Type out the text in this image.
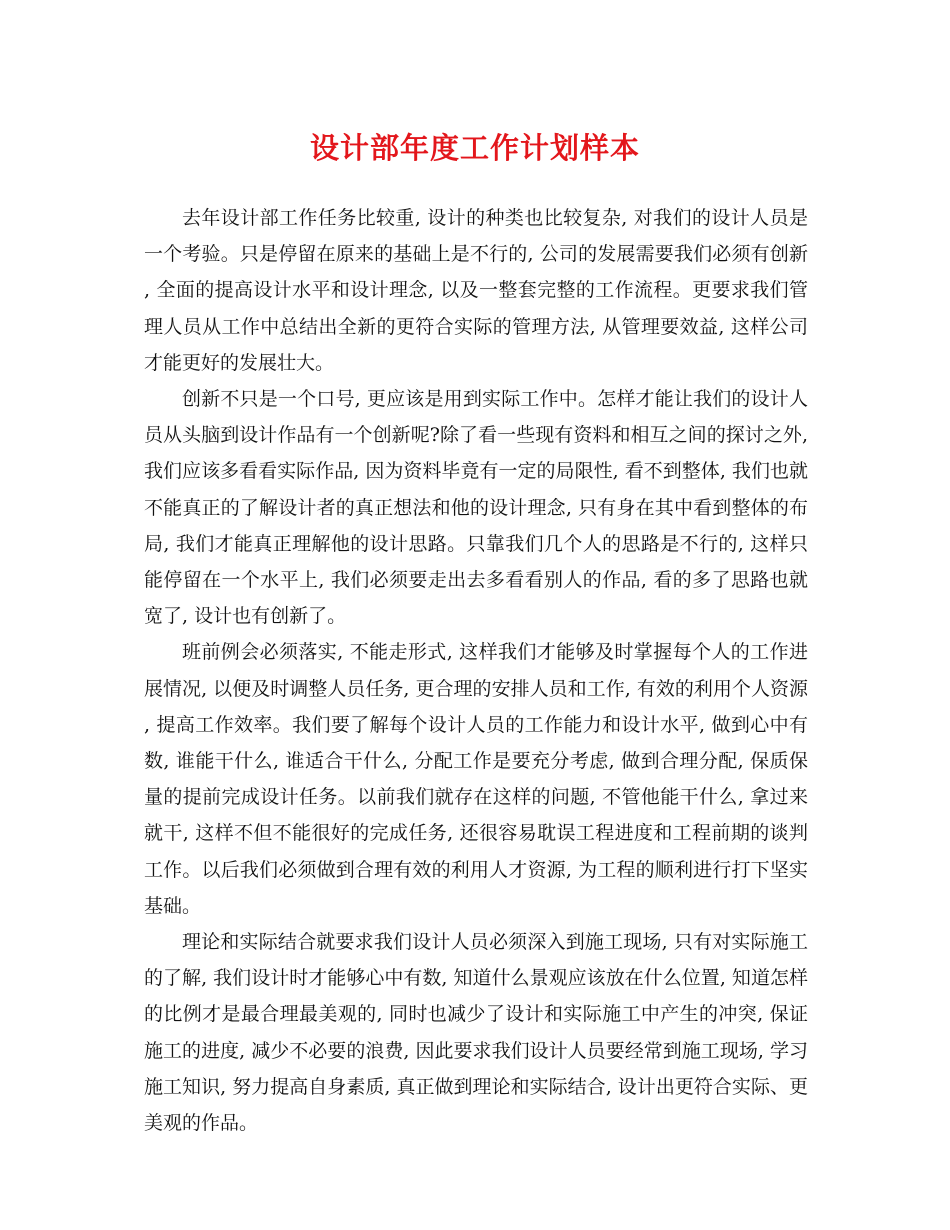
设计部年度工作计划样本

去年设计部工作任务比较重, 设计的种类也比较复杂, 对我们的设计人员是一个考验。只是停留在原来的基础上是不行的, 公司的发展需要我们必须有创新, 全面的提高设计水平和设计理念, 以及一整套完整的工作流程。更要求我们管理人员从工作中总结出全新的更符合实际的管理方法, 从管理要效益, 这样公司才能更好的发展壮大。

创新不只是一个口号, 更应该是用到实际工作中。怎样才能让我们的设计人员从头脑到设计作品有一个创新呢?除了看一些现有资料和相互之间的探讨之外, 我们应该多看看实际作品, 因为资料毕竟有一定的局限性, 看不到整体, 我们也就不能真正的了解设计者的真正想法和他的设计理念, 只有身在其中看到整体的布局, 我们才能真正理解他的设计思路。只靠我们几个人的思路是不行的, 这样只能停留在一个水平上, 我们必须要走出去多看看别人的作品, 看的多了思路也就宽了, 设计也有创新了。

班前例会必须落实, 不能走形式, 这样我们才能够及时掌握每个人的工作进展情况, 以便及时调整人员任务, 更合理的安排人员和工作, 有效的利用个人资源, 提高工作效率。我们要了解每个设计人员的工作能力和设计水平, 做到心中有数, 谁能干什么, 谁适合干什么, 分配工作是要充分考虑, 做到合理分配, 保质保量的提前完成设计任务。以前我们就存在这样的问题, 不管他能干什么, 拿过来就干, 这样不但不能很好的完成任务, 还很容易耽误工程进度和工程前期的谈判工作。以后我们必须做到合理有效的利用人才资源, 为工程的顺利进行打下坚实基础。

理论和实际结合就要求我们设计人员必须深入到施工现场, 只有对实际施工的了解, 我们设计时才能够心中有数, 知道什么景观应该放在什么位置, 知道怎样的比例才是最合理最美观的, 同时也减少了设计和实际施工中产生的冲突, 保证施工的进度, 减少不必要的浪费, 因此要求我们设计人员要经常到施工现场, 学习施工知识, 努力提高自身素质, 真正做到理论和实际结合, 设计出更符合实际、更美观的作品。
